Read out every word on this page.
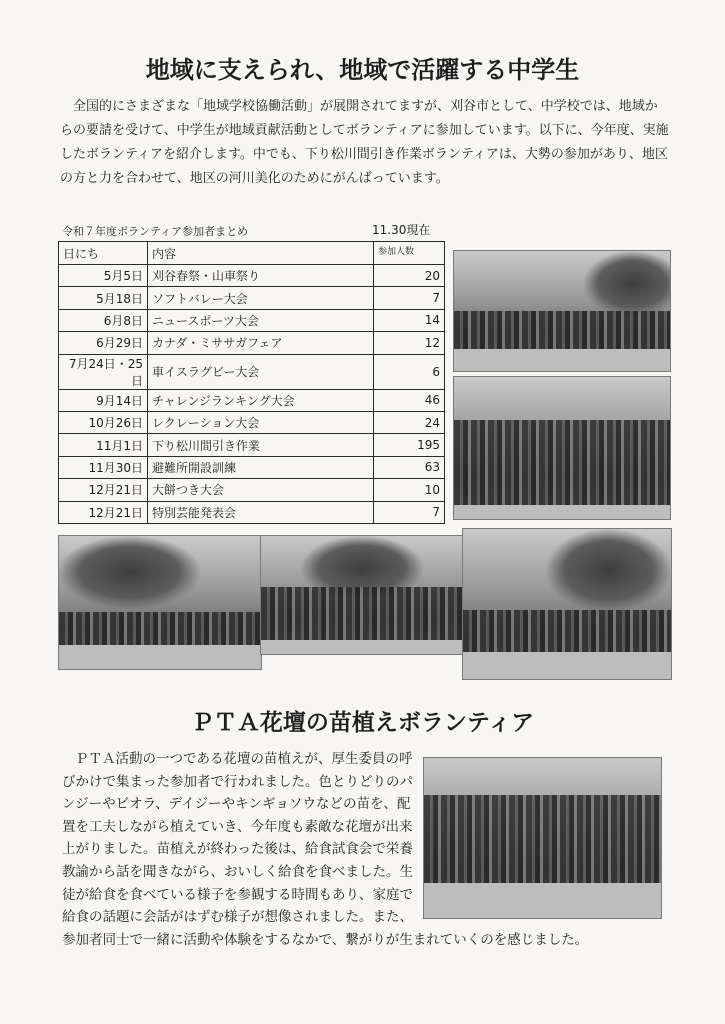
地域に支えられ、地域で活躍する中学生
全国的にさまざまな「地域学校協働活動」が展開されてますが、刈谷市として、中学校では、地域からの要請を受けて、中学生が地域貢献活動としてボランティアに参加しています。以下に、今年度、実施したボランティアを紹介します。中でも、下り松川間引き作業ボランティアは、大勢の参加があり、地区の方と力を合わせて、地区の河川美化のためにがんばっています。
令和７年度ボランティア参加者まとめ	11.30現在
日にち	内容	参加人数
5月5日	刈谷春祭・山車祭り	20
5月18日	ソフトバレー大会	7
6月8日	ニュースポーツ大会	14
6月29日	カナダ・ミササガフェア	12
7月24日・25日	車イスラグビー大会	6
9月14日	チャレンジランキング大会	46
10月26日	レクレーション大会	24
11月1日	下り松川間引き作業	195
11月30日	避難所開設訓練	63
12月21日	大餅つき大会	10
12月21日	特別芸能発表会	7
ＰＴＡ花壇の苗植えボランティア
ＰＴＡ活動の一つである花壇の苗植えが、厚生委員の呼びかけで集まった参加者で行われました。色とりどりのパンジーやビオラ、デイジーやキンギョソウなどの苗を、配置を工夫しながら植えていき、今年度も素敵な花壇が出来上がりました。苗植えが終わった後は、給食試食会で栄養教諭から話を聞きながら、おいしく給食を食べました。生徒が給食を食べている様子を参観する時間もあり、家庭で給食の話題に会話がはずむ様子が想像されました。また、
参加者同士で一緒に活動や体験をするなかで、繋がりが生まれていくのを感じました。
